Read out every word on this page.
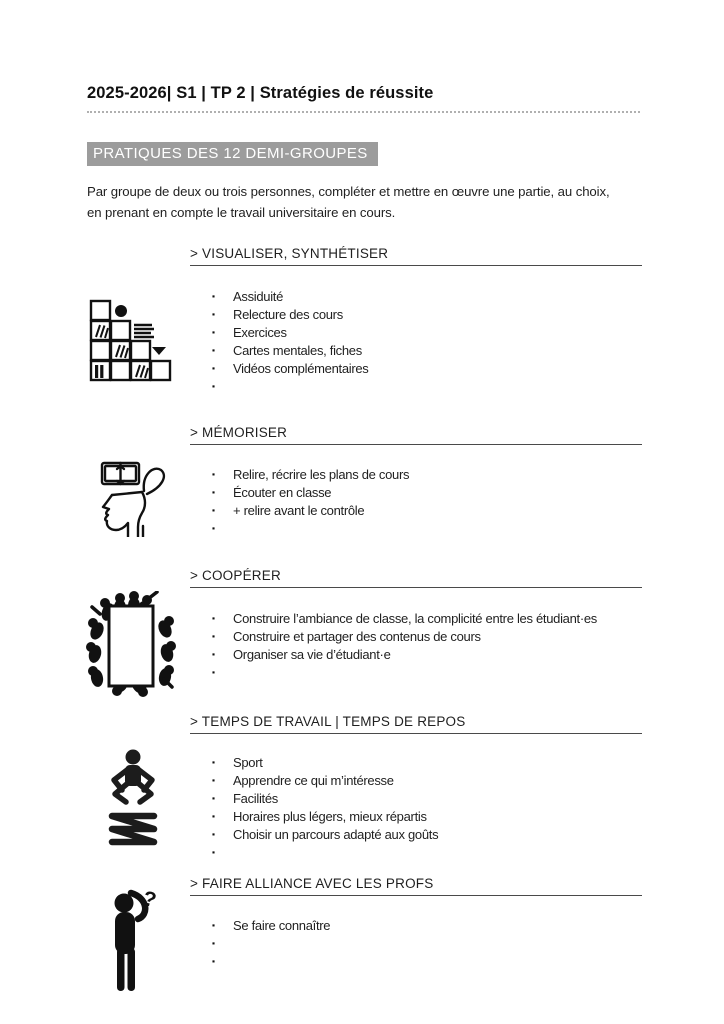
2025-2026| S1 | TP 2 | Stratégies de réussite
PRATIQUES DES 12 DEMI-GROUPES
Par groupe de deux ou trois personnes, compléter et mettre en œuvre une partie, au choix,
en prenant en compte le travail universitaire en cours.
> VISUALISER, SYNTHÉTISER
▪	Assiduité
▪	Relecture des cours
▪	Exercices
▪	Cartes mentales, fiches
▪	Vidéos complémentaires
▪
> MÉMORISER
▪	Relire, récrire les plans de cours
▪	Écouter en classe
▪	+ relire avant le contrôle
▪
> COOPÉRER
▪	Construire l’ambiance de classe, la complicité entre les étudiant·es
▪	Construire et partager des contenus de cours
▪	Organiser sa vie d’étudiant·e
▪
> TEMPS DE TRAVAIL | TEMPS DE REPOS
▪	Sport
▪	Apprendre ce qui m’intéresse
▪	Facilités
▪	Horaires plus légers, mieux répartis
▪	Choisir un parcours adapté aux goûts
▪
?
> FAIRE ALLIANCE AVEC LES PROFS
▪	Se faire connaître
▪
▪
